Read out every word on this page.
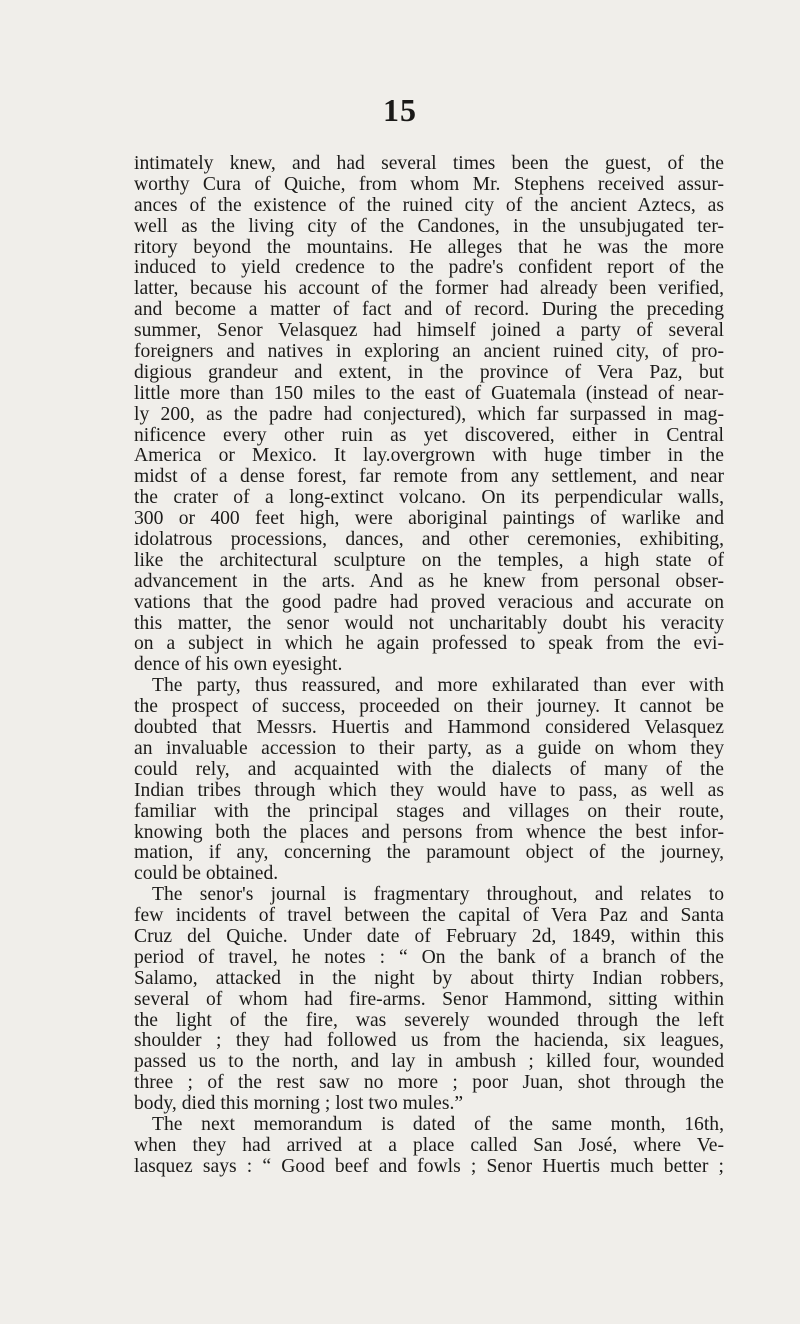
15
intimately knew, and had several times been the guest, of the
worthy Cura of Quiche, from whom Mr. Stephens received assur-
ances of the existence of the ruined city of the ancient Aztecs, as
well as the living city of the Candones, in the unsubjugated ter-
ritory beyond the mountains. He alleges that he was the more
induced to yield credence to the padre's confident report of the
latter, because his account of the former had already been verified,
and become a matter of fact and of record. During the preceding
summer, Senor Velasquez had himself joined a party of several
foreigners and natives in exploring an ancient ruined city, of pro-
digious grandeur and extent, in the province of Vera Paz, but
little more than 150 miles to the east of Guatemala (instead of near-
ly 200, as the padre had conjectured), which far surpassed in mag-
nificence every other ruin as yet discovered, either in Central
America or Mexico. It lay.overgrown with huge timber in the
midst of a dense forest, far remote from any settlement, and near
the crater of a long-extinct volcano. On its perpendicular walls,
300 or 400 feet high, were aboriginal paintings of warlike and
idolatrous processions, dances, and other ceremonies, exhibiting,
like the architectural sculpture on the temples, a high state of
advancement in the arts. And as he knew from personal obser-
vations that the good padre had proved veracious and accurate on
this matter, the senor would not uncharitably doubt his veracity
on a subject in which he again professed to speak from the evi-
dence of his own eyesight.
The party, thus reassured, and more exhilarated than ever with
the prospect of success, proceeded on their journey. It cannot be
doubted that Messrs. Huertis and Hammond considered Velasquez
an invaluable accession to their party, as a guide on whom they
could rely, and acquainted with the dialects of many of the
Indian tribes through which they would have to pass, as well as
familiar with the principal stages and villages on their route,
knowing both the places and persons from whence the best infor-
mation, if any, concerning the paramount object of the journey,
could be obtained.
The senor's journal is fragmentary throughout, and relates to
few incidents of travel between the capital of Vera Paz and Santa
Cruz del Quiche. Under date of February 2d, 1849, within this
period of travel, he notes : “ On the bank of a branch of the
Salamo, attacked in the night by about thirty Indian robbers,
several of whom had fire-arms. Senor Hammond, sitting within
the light of the fire, was severely wounded through the left
shoulder ; they had followed us from the hacienda, six leagues,
passed us to the north, and lay in ambush ; killed four, wounded
three ; of the rest saw no more ; poor Juan, shot through the
body, died this morning ; lost two mules.”
The next memorandum is dated of the same month, 16th,
when they had arrived at a place called San José, where Ve-
lasquez says : “ Good beef and fowls ; Senor Huertis much better ;
